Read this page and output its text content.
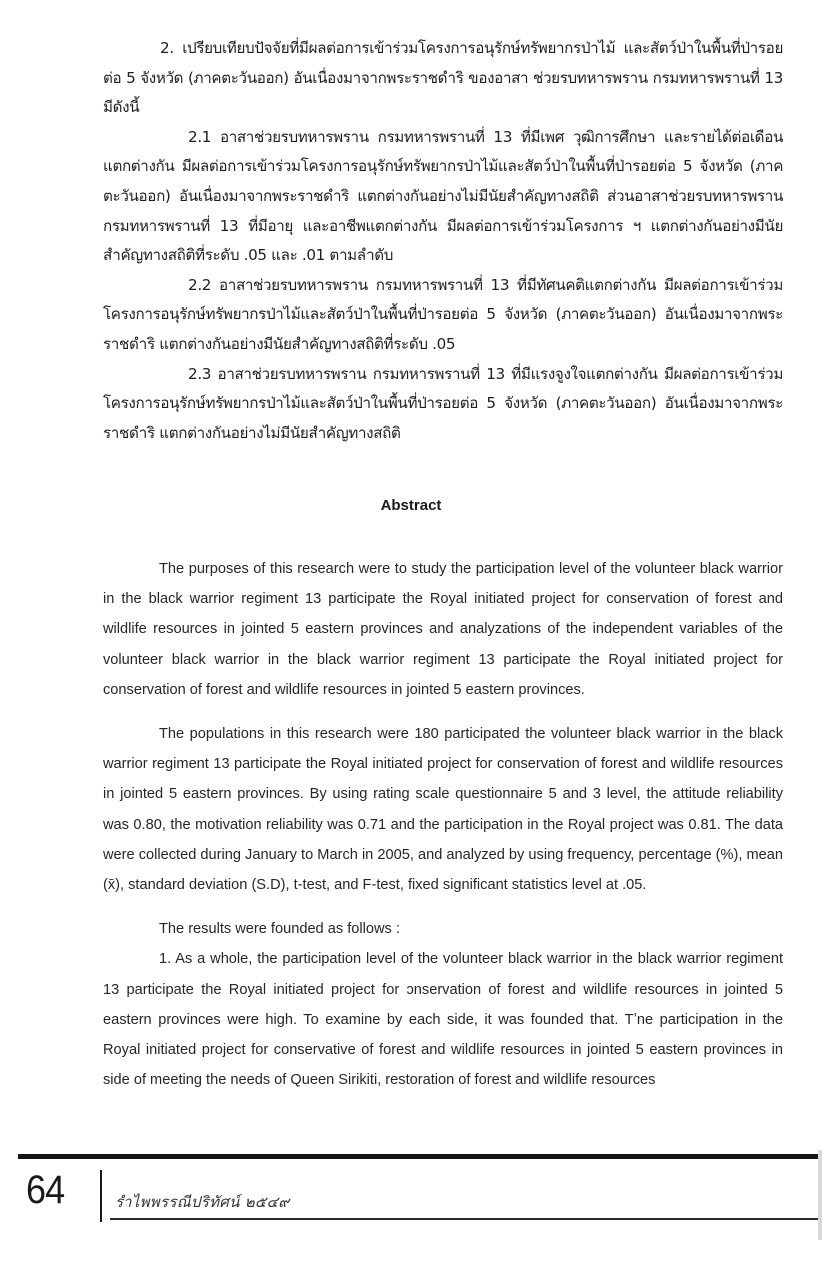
2. เปรียบเทียบปัจจัยที่มีผลต่อการเข้าร่วมโครงการอนุรักษ์ทรัพยากรป่าไม้ และสัตว์ป่าในพื้นที่ป่ารอยต่อ 5 จังหวัด (ภาคตะวันออก) อันเนื่องมาจากพระราชดำริ ของอาสา ช่วยรบทหารพราน กรมทหารพรานที่ 13 มีดังนี้

2.1 อาสาช่วยรบทหารพราน กรมทหารพรานที่ 13 ที่มีเพศ วุฒิการศึกษา และรายได้ต่อเดือนแตกต่างกัน มีผลต่อการเข้าร่วมโครงการอนุรักษ์ทรัพยากรป่าไม้และสัตว์ป่าในพื้นที่ป่ารอยต่อ 5 จังหวัด (ภาคตะวันออก) อันเนื่องมาจากพระราชดำริ แตกต่างกันอย่างไม่มีนัยสำคัญทางสถิติ ส่วนอาสาช่วยรบทหารพราน กรมทหารพรานที่ 13 ที่มีอายุ และอาชีพแตกต่างกัน มีผลต่อการเข้าร่วมโครงการ ฯ แตกต่างกันอย่างมีนัยสำคัญทางสถิติที่ระดับ .05 และ .01 ตามลำดับ

2.2 อาสาช่วยรบทหารพราน กรมทหารพรานที่ 13 ที่มีทัศนคติแตกต่างกัน มีผลต่อการเข้าร่วมโครงการอนุรักษ์ทรัพยากรป่าไม้และสัตว์ป่าในพื้นที่ป่ารอยต่อ 5 จังหวัด (ภาคตะวันออก) อันเนื่องมาจากพระราชดำริ แตกต่างกันอย่างมีนัยสำคัญทางสถิติที่ระดับ .05

2.3 อาสาช่วยรบทหารพราน กรมทหารพรานที่ 13 ที่มีแรงจูงใจแตกต่างกัน มีผลต่อการเข้าร่วมโครงการอนุรักษ์ทรัพยากรป่าไม้และสัตว์ป่าในพื้นที่ป่ารอยต่อ 5 จังหวัด (ภาคตะวันออก) อันเนื่องมาจากพระราชดำริ แตกต่างกันอย่างไม่มีนัยสำคัญทางสถิติ

Abstract

The purposes of this research were to study the participation level of the volunteer black warrior in the black warrior regiment 13 participate the Royal initiated project for conservation of forest and wildlife resources in jointed 5 eastern provinces and analyzations of the independent variables of the volunteer black warrior in the black warrior regiment 13 participate the Royal initiated project for conservation of forest and wildlife resources in jointed 5 eastern provinces.

The populations in this research were 180 participated the volunteer black warrior in the black warrior regiment 13 participate the Royal initiated project for conservation of forest and wildlife resources in jointed 5 eastern provinces. By using rating scale questionnaire 5 and 3 level, the attitude reliability was 0.80, the motivation reliability was 0.71 and the participation in the Royal project was 0.81. The data were collected during January to March in 2005, and analyzed by using frequency, percentage (%), mean (x̄), standard deviation (S.D), t-test, and F-test, fixed significant statistics level at .05.

The results were founded as follows :

1. As a whole, the participation level of the volunteer black warrior in the black warrior regiment 13 participate the Royal initiated project for ɔnservation of forest and wildlife resources in jointed 5 eastern provinces were high. To examine by each side, it was founded that. Tʼne participation in the Royal initiated project for conservative of forest and wildlife resources in jointed 5 eastern provinces in side of meeting the needs of Queen Sirikiti, restoration of forest and wildlife resources

64	รำไพพรรณีปริทัศน์ ๒๕๔๙
